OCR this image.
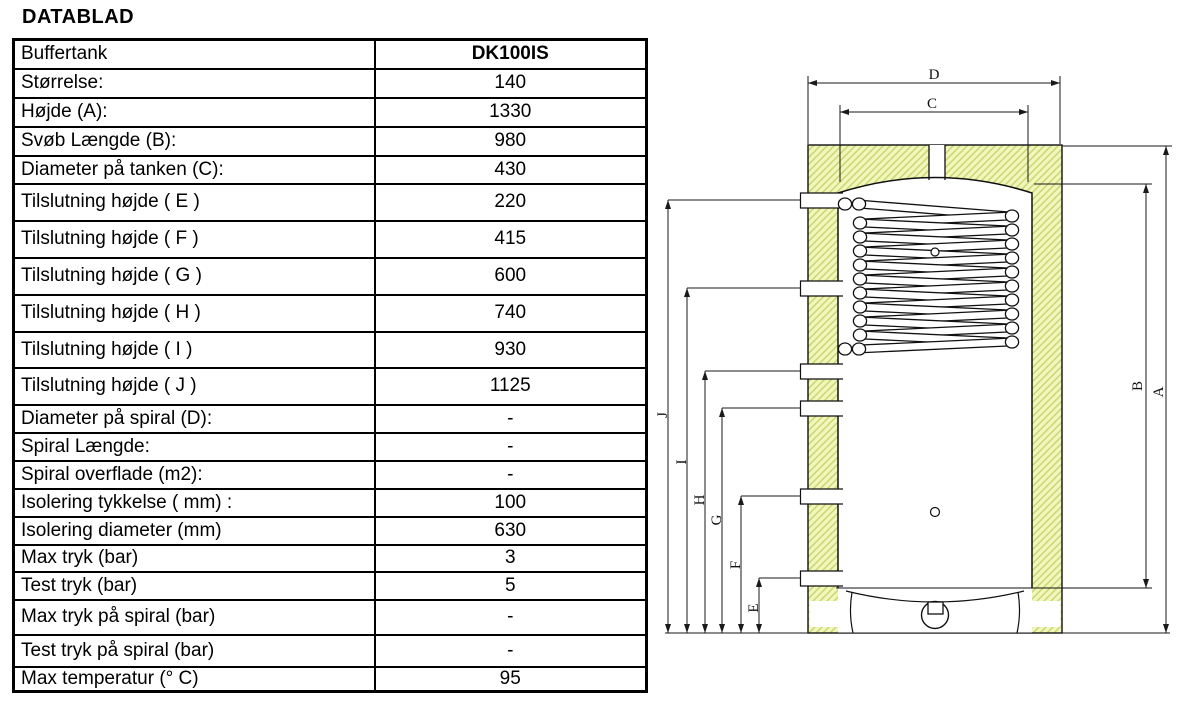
DATABLAD
Buffertank	DK100IS
Størrelse:	140
Højde (A):	1330
Svøb Længde (B):	980
Diameter på tanken (C):	430
Tilslutning højde ( E )	220
Tilslutning højde ( F )	415
Tilslutning højde ( G )	600
Tilslutning højde ( H )	740
Tilslutning højde ( I )	930
Tilslutning højde ( J )	1125
Diameter på spiral (D):	-
Spiral Længde:	-
Spiral overflade (m2):	-
Isolering tykkelse ( mm) :	100
Isolering diameter (mm)	630
Max tryk (bar)	3
Test tryk (bar)	5
Max tryk på spiral (bar)	-
Test tryk på spiral (bar)	-
Max temperatur (° C)	95
D
C
J
I
H
G
F
E
B
A
